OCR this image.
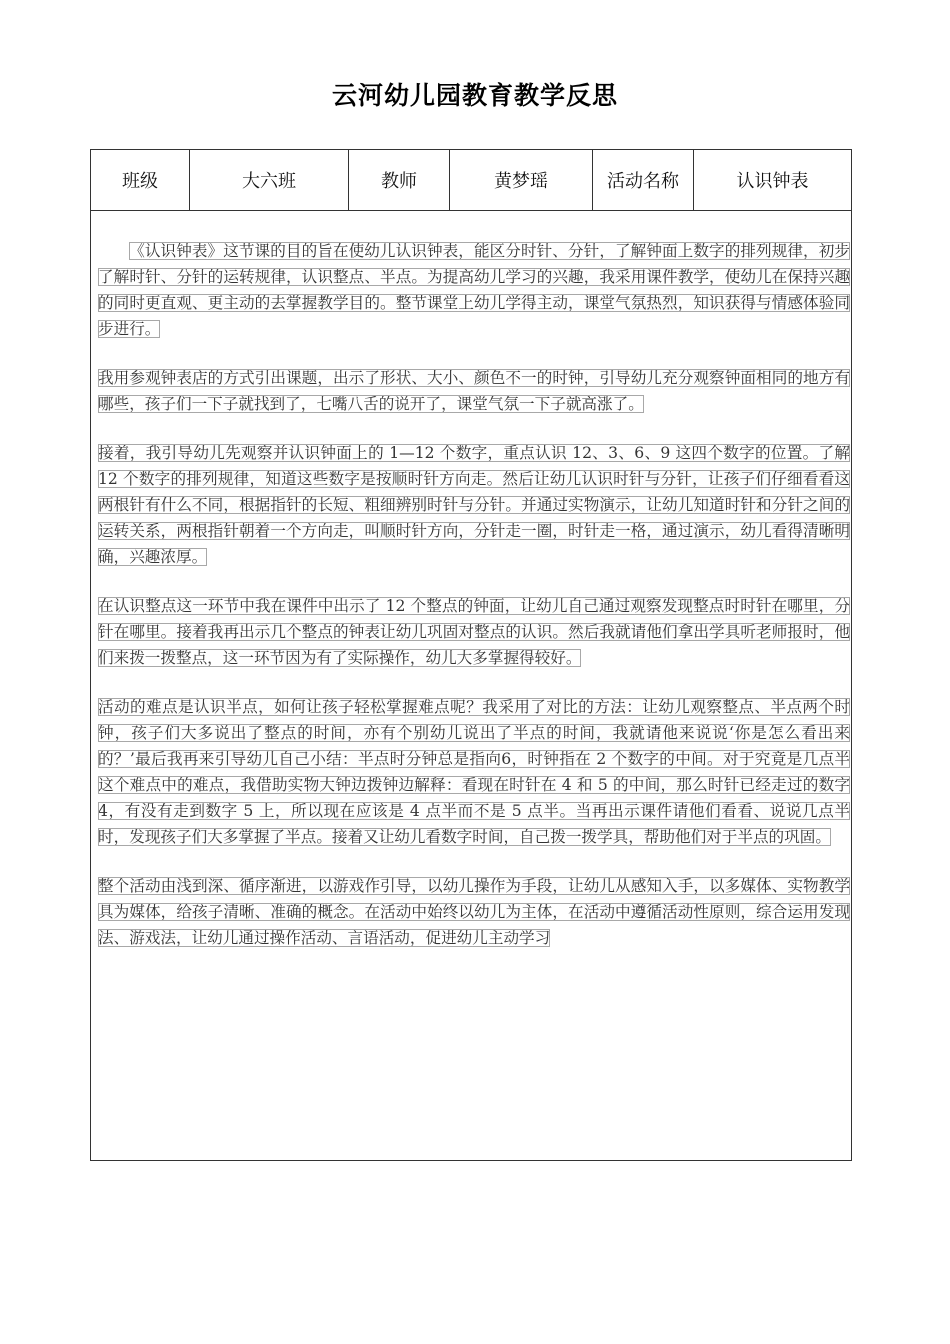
云河幼儿园教育教学反思
班级	大六班	教师	黄梦瑶	活动名称	认识钟表

《认识钟表》这节课的目的旨在使幼儿认识钟表，能区分时针、分针，了解钟面上数字的排列规律，初步了解时针、分针的运转规律，认识整点、半点。为提高幼儿学习的兴趣，我采用课件教学，使幼儿在保持兴趣的同时更直观、更主动的去掌握教学目的。整节课堂上幼儿学得主动，课堂气氛热烈，知识获得与情感体验同步进行。

我用参观钟表店的方式引出课题，出示了形状、大小、颜色不一的时钟，引导幼儿充分观察钟面相同的地方有哪些，孩子们一下子就找到了，七嘴八舌的说开了，课堂气氛一下子就高涨了。

接着，我引导幼儿先观察并认识钟面上的 1—12 个数字，重点认识 12、3、6、9 这四个数字的位置。了解 12 个数字的排列规律，知道这些数字是按顺时针方向走。然后让幼儿认识时针与分针，让孩子们仔细看看这两根针有什么不同，根据指针的长短、粗细辨别时针与分针。并通过实物演示，让幼儿知道时针和分针之间的运转关系，两根指针朝着一个方向走，叫顺时针方向，分针走一圈，时针走一格，通过演示，幼儿看得清晰明确，兴趣浓厚。

在认识整点这一环节中我在课件中出示了 12 个整点的钟面，让幼儿自己通过观察发现整点时时针在哪里，分针在哪里。接着我再出示几个整点的钟表让幼儿巩固对整点的认识。然后我就请他们拿出学具听老师报时，他们来拨一拨整点，这一环节因为有了实际操作，幼儿大多掌握得较好。

活动的难点是认识半点，如何让孩子轻松掌握难点呢？我采用了对比的方法：让幼儿观察整点、半点两个时钟，孩子们大多说出了整点的时间，亦有个别幼儿说出了半点的时间，我就请他来说说‘你是怎么看出来的？’最后我再来引导幼儿自己小结：半点时分钟总是指向6，时钟指在 2 个数字的中间。对于究竟是几点半这个难点中的难点，我借助实物大钟边拨钟边解释：看现在时针在 4 和 5 的中间，那么时针已经走过的数字 4，有没有走到数字 5 上，所以现在应该是 4 点半而不是 5 点半。当再出示课件请他们看看、说说几点半时，发现孩子们大多掌握了半点。接着又让幼儿看数字时间，自己拨一拨学具，帮助他们对于半点的巩固。

整个活动由浅到深、循序渐进，以游戏作引导，以幼儿操作为手段，让幼儿从感知入手，以多媒体、实物教学具为媒体，给孩子清晰、准确的概念。在活动中始终以幼儿为主体，在活动中遵循活动性原则，综合运用发现法、游戏法，让幼儿通过操作活动、言语活动，促进幼儿主动学习
